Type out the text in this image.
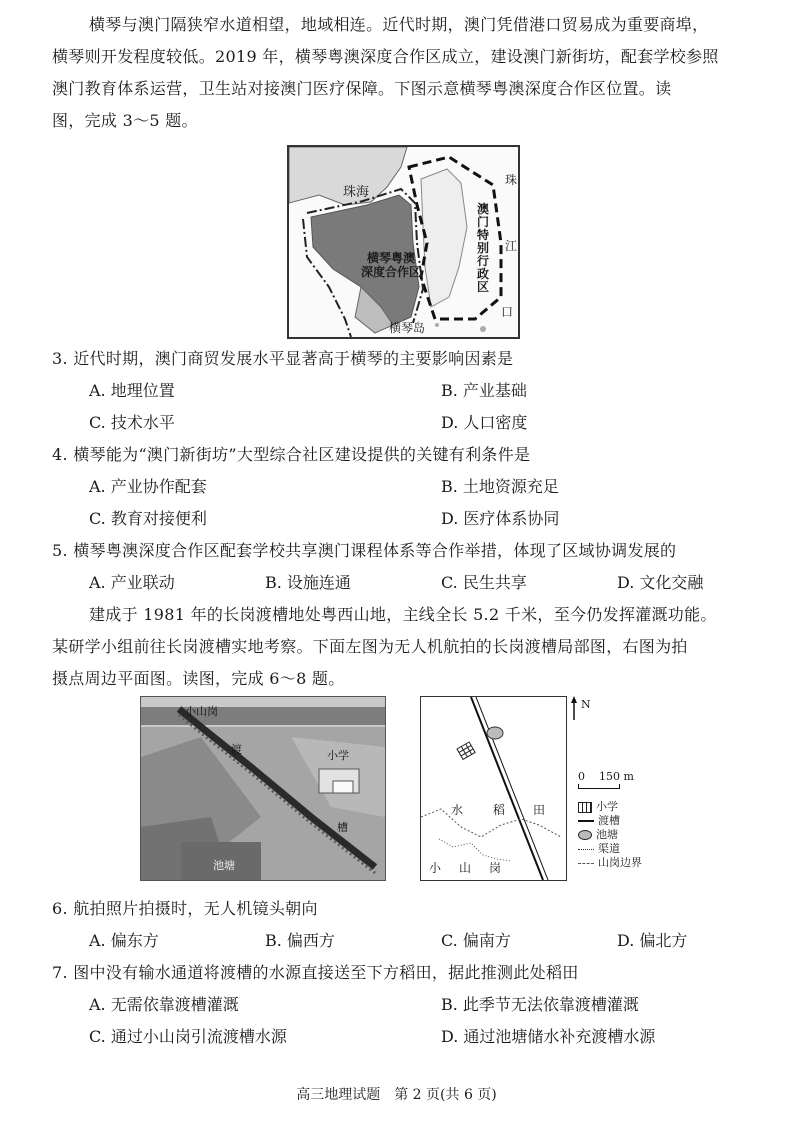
横琴与澳门隔狭窄水道相望，地域相连。近代时期，澳门凭借港口贸易成为重要商埠，
横琴则开发程度较低。2019 年，横琴粤澳深度合作区成立，建设澳门新街坊，配套学校参照
澳门教育体系运营，卫生站对接澳门医疗保障。下图示意横琴粤澳深度合作区位置。读
图，完成 3～5 题。
珠海
横琴粤澳
深度合作区
横琴岛
澳
门
特
别
行
政
区
珠
江
口
3. 近代时期，澳门商贸发展水平显著高于横琴的主要影响因素是
A. 地理位置	B. 产业基础
C. 技术水平	D. 人口密度
4. 横琴能为“澳门新街坊”大型综合社区建设提供的关键有利条件是
A. 产业协作配套	B. 土地资源充足
C. 教育对接便利	D. 医疗体系协同
5. 横琴粤澳深度合作区配套学校共享澳门课程体系等合作举措，体现了区域协调发展的
A. 产业联动	B. 设施连通	C. 民生共享	D. 文化交融
建成于 1981 年的长岗渡槽地处粤西山地，主线全长 5.2 千米，至今仍发挥灌溉功能。
某研学小组前往长岗渡槽实地考察。下面左图为无人机航拍的长岗渡槽局部图，右图为拍
摄点周边平面图。读图，完成 6～8 题。
小山岗
渡	小学
槽
池塘
水 稻 田
小 山 岗
N
0    150 m
小学
渡槽
池塘
渠道
山岗边界
6. 航拍照片拍摄时，无人机镜头朝向
A. 偏东方	B. 偏西方	C. 偏南方	D. 偏北方
7. 图中没有输水通道将渡槽的水源直接送至下方稻田，据此推测此处稻田
A. 无需依靠渡槽灌溉	B. 此季节无法依靠渡槽灌溉
C. 通过小山岗引流渡槽水源	D. 通过池塘储水补充渡槽水源
高三地理试题　第 2 页(共 6 页)
